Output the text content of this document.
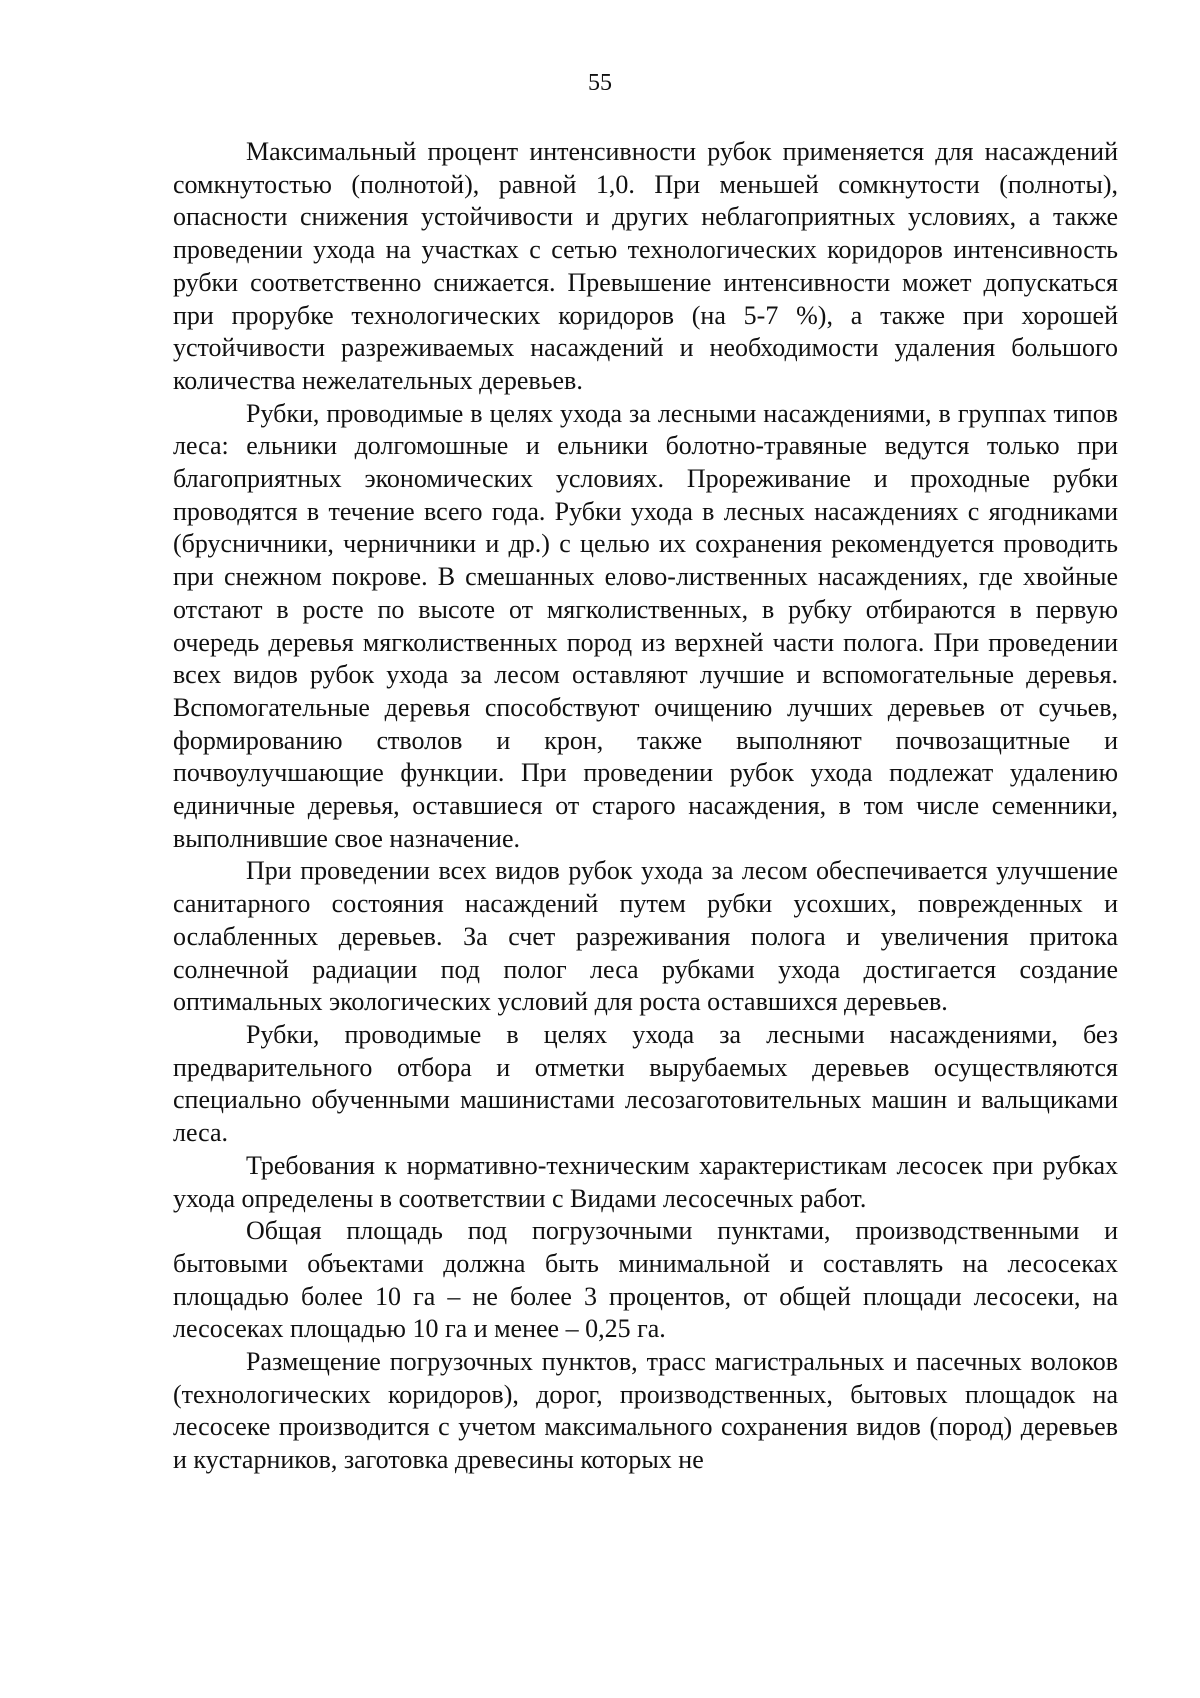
55

Максимальный процент интенсивности рубок применяется для насаждений сомкнутостью (полнотой), равной 1,0. При меньшей сомкнутости (полноты), опасности снижения устойчивости и других неблагоприятных условиях, а также проведении ухода на участках с сетью технологических коридоров интенсивность рубки соответственно снижается. Превышение интенсивности может допускаться при прорубке технологических коридоров (на 5-7 %), а также при хорошей устойчивости разреживаемых насаждений и необходимости удаления большого количества нежелательных деревьев.

Рубки, проводимые в целях ухода за лесными насаждениями, в группах типов леса: ельники долгомошные и ельники болотно-травяные ведутся только при благоприятных экономических условиях. Прореживание и проходные рубки проводятся в течение всего года. Рубки ухода в лесных насаждениях с ягодниками (брусничники, черничники и др.) с целью их сохранения рекомендуется проводить при снежном покрове. В смешанных елово-лиственных насаждениях, где хвойные отстают в росте по высоте от мягколиственных, в рубку отбираются в первую очередь деревья мягколиственных пород из верхней части полога. При проведении всех видов рубок ухода за лесом оставляют лучшие и вспомогательные деревья. Вспомогательные деревья способствуют очищению лучших деревьев от сучьев, формированию стволов и крон, также выполняют почвозащитные и почвоулучшающие функции. При проведении рубок ухода подлежат удалению единичные деревья, оставшиеся от старого насаждения, в том числе семенники, выполнившие свое назначение.

При проведении всех видов рубок ухода за лесом обеспечивается улучшение санитарного состояния насаждений путем рубки усохших, поврежденных и ослабленных деревьев. За счет разреживания полога и увеличения притока солнечной радиации под полог леса рубками ухода достигается создание оптимальных экологических условий для роста оставшихся деревьев.

Рубки, проводимые в целях ухода за лесными насаждениями, без предварительного отбора и отметки вырубаемых деревьев осуществляются специально обученными машинистами лесозаготовительных машин и вальщиками леса.

Требования к нормативно-техническим характеристикам лесосек при рубках ухода определены в соответствии с Видами лесосечных работ.

Общая площадь под погрузочными пунктами, производственными и бытовыми объектами должна быть минимальной и составлять на лесосеках площадью более 10 га – не более 3 процентов, от общей площади лесосеки, на лесосеках площадью 10 га и менее – 0,25 га.

Размещение погрузочных пунктов, трасс магистральных и пасечных волоков (технологических коридоров), дорог, производственных, бытовых площадок на лесосеке производится с учетом максимального сохранения видов (пород) деревьев и кустарников, заготовка древесины которых не
